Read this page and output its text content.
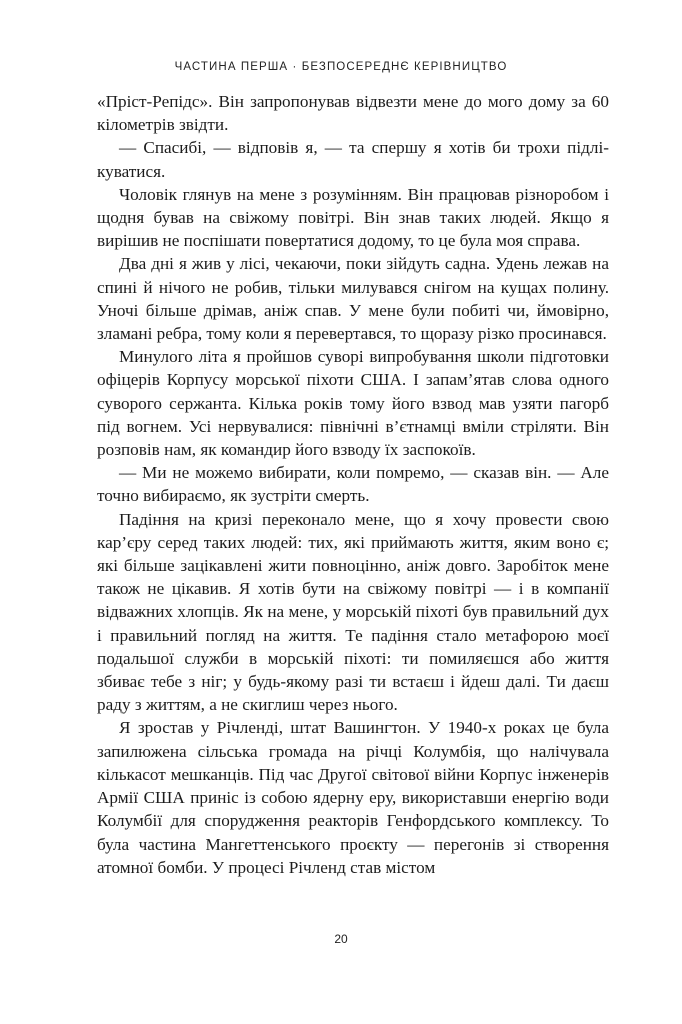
ЧАСТИНА ПЕРША · БЕЗПОСЕРЕДНЄ КЕРІВНИЦТВО

«Пріст-Репідс». Він запропонував відвезти мене до мого дому за 60 кілометрів звідти.

— Спасибі, — відповів я, — та спершу я хотів би трохи підлікуватися.

Чоловік глянув на мене з розумінням. Він працював різноробом і щодня бував на свіжому повітрі. Він знав таких людей. Якщо я вирішив не поспішати повертатися додому, то це була моя справа.

Два дні я жив у лісі, чекаючи, поки зійдуть садна. Удень лежав на спині й нічого не робив, тільки милувався снігом на кущах полину. Уночі більше дрімав, аніж спав. У мене були побиті чи, ймовірно, зламані ребра, тому коли я перевертався, то щоразу різко просинався.

Минулого літа я пройшов суворі випробування школи підготовки офіцерів Корпусу морської піхоти США. І запам’ятав слова одного суворого сержанта. Кілька років тому його взвод мав узяти пагорб під вогнем. Усі нервувалися: північні в’єтнамці вміли стріляти. Він розповів нам, як командир його взводу їх заспокоїв.

— Ми не можемо вибирати, коли помремо, — сказав він. — Але точно вибираємо, як зустріти смерть.

Падіння на кризі переконало мене, що я хочу провести свою кар’єру серед таких людей: тих, які приймають життя, яким воно є; які більше зацікавлені жити повноцінно, аніж довго. Заробіток мене також не цікавив. Я хотів бути на свіжому повітрі — і в компанії відважних хлопців. Як на мене, у морській піхоті був правильний дух і правильний погляд на життя. Те падіння стало метафорою моєї подальшої служби в морській піхоті: ти помиляєшся або життя збиває тебе з ніг; у будь-якому разі ти встаєш і йдеш далі. Ти даєш раду з життям, а не скиглиш через нього.

Я зростав у Річленді, штат Вашингтон. У 1940-х роках це була запилюжена сільська громада на річці Колумбія, що налічувала кількасот мешканців. Під час Другої світової війни Корпус інженерів Армії США приніс із собою ядерну еру, використавши енергію води Колумбії для спорудження реакторів Генфордського комплексу. То була частина Мангеттенського проєкту — перегонів зі створення атомної бомби. У процесі Річленд став містом

20
